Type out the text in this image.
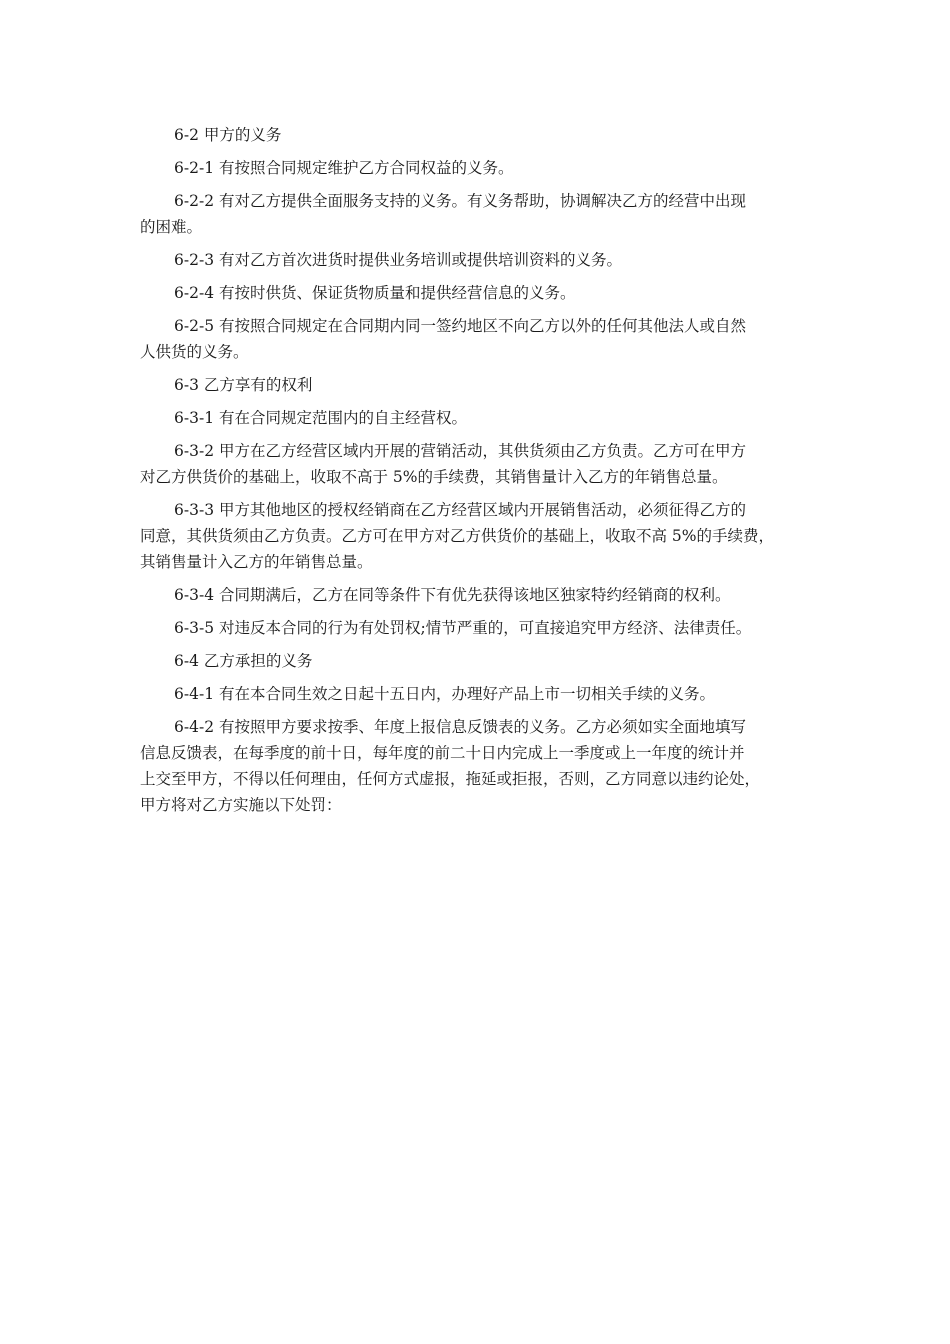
6-2 甲方的义务

6-2-1 有按照合同规定维护乙方合同权益的义务。

6-2-2 有对乙方提供全面服务支持的义务。有义务帮助，协调解决乙方的经营中出现
的困难。

6-2-3 有对乙方首次进货时提供业务培训或提供培训资料的义务。

6-2-4 有按时供货、保证货物质量和提供经营信息的义务。

6-2-5 有按照合同规定在合同期内同一签约地区不向乙方以外的任何其他法人或自然
人供货的义务。

6-3 乙方享有的权利

6-3-1 有在合同规定范围内的自主经营权。

6-3-2 甲方在乙方经营区域内开展的营销活动，其供货须由乙方负责。乙方可在甲方
对乙方供货价的基础上，收取不高于 5%的手续费，其销售量计入乙方的年销售总量。

6-3-3 甲方其他地区的授权经销商在乙方经营区域内开展销售活动，必须征得乙方的
同意，其供货须由乙方负责。乙方可在甲方对乙方供货价的基础上，收取不高 5%的手续费，
其销售量计入乙方的年销售总量。

6-3-4 合同期满后，乙方在同等条件下有优先获得该地区独家特约经销商的权利。

6-3-5 对违反本合同的行为有处罚权;情节严重的，可直接追究甲方经济、法律责任。

6-4 乙方承担的义务

6-4-1 有在本合同生效之日起十五日内，办理好产品上市一切相关手续的义务。

6-4-2 有按照甲方要求按季、年度上报信息反馈表的义务。乙方必须如实全面地填写
信息反馈表，在每季度的前十日，每年度的前二十日内完成上一季度或上一年度的统计并
上交至甲方，不得以任何理由，任何方式虚报，拖延或拒报，否则，乙方同意以违约论处，
甲方将对乙方实施以下处罚：
